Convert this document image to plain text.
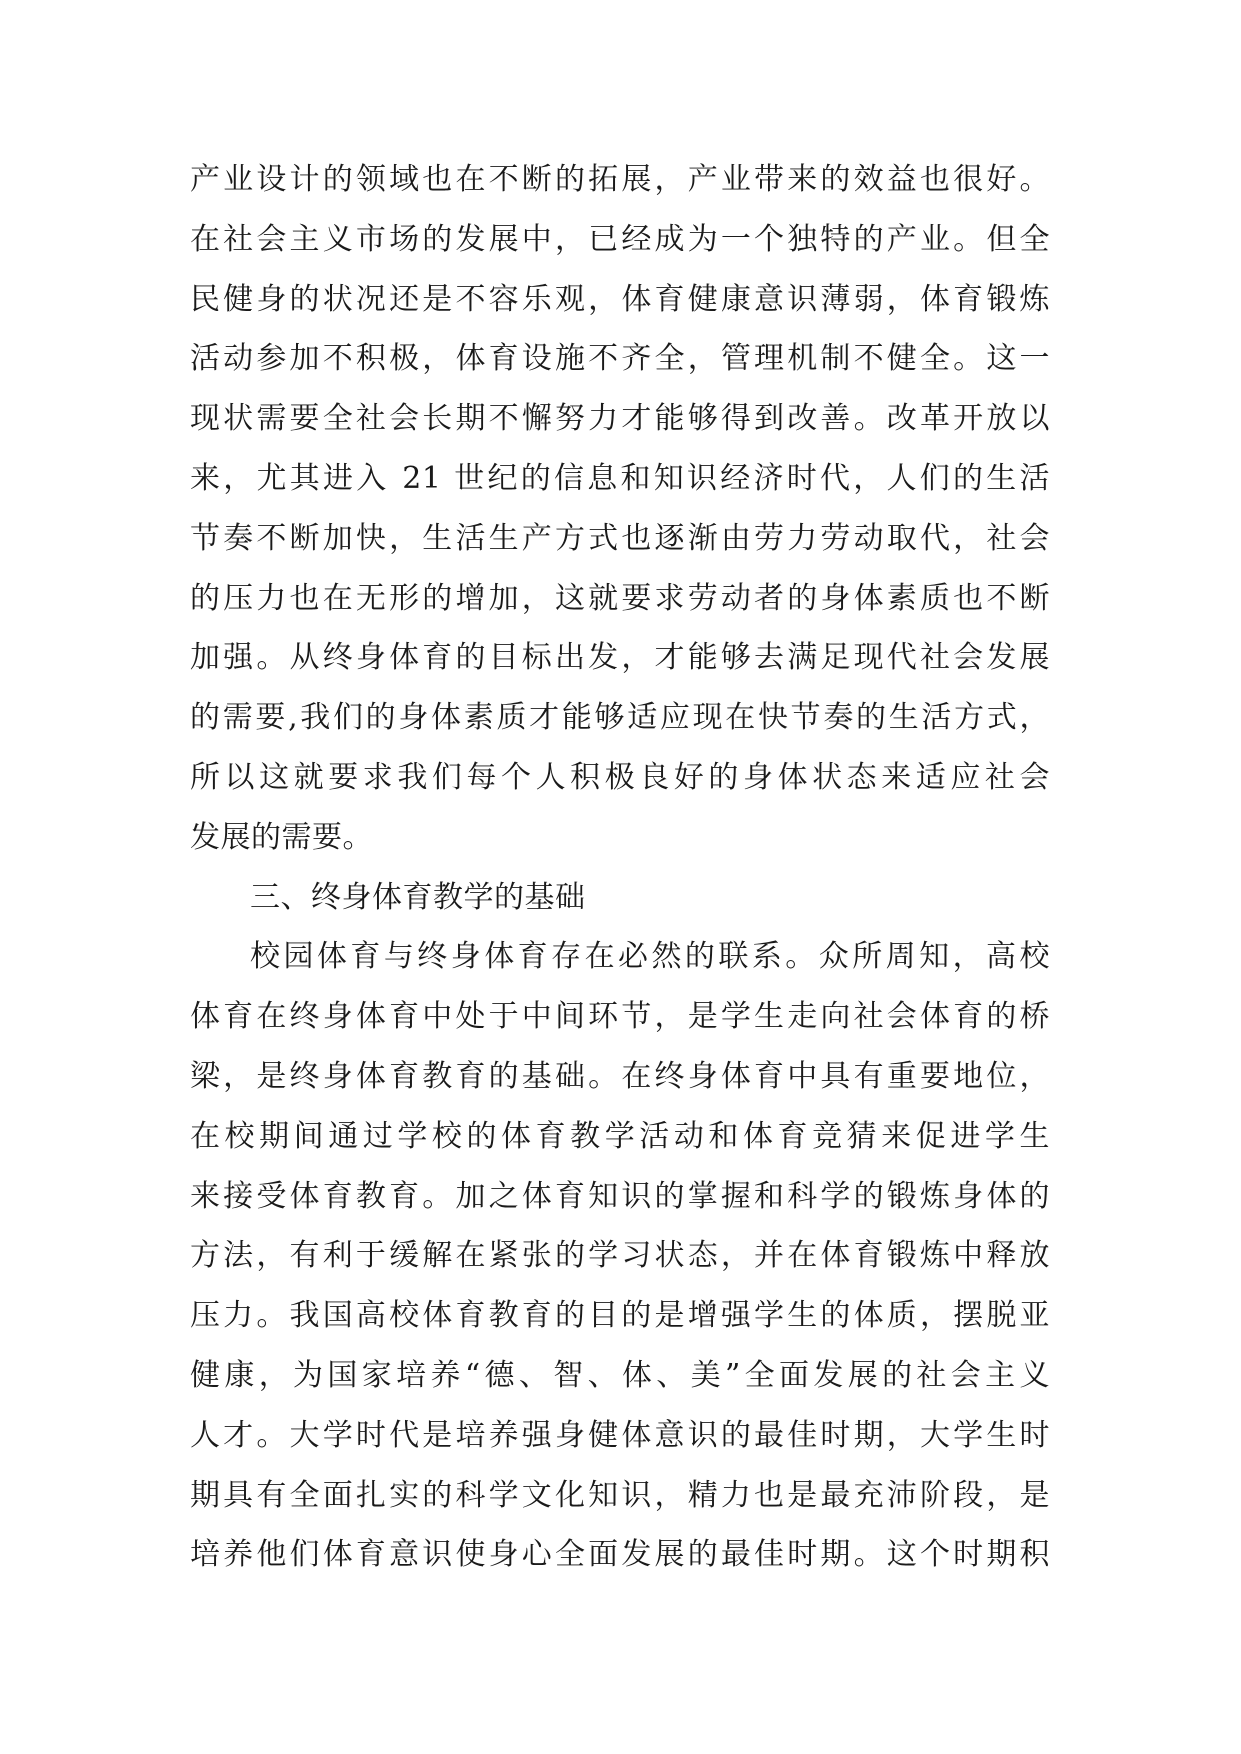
产业设计的领域也在不断的拓展，产业带来的效益也很好。
在社会主义市场的发展中，已经成为一个独特的产业。但全
民健身的状况还是不容乐观，体育健康意识薄弱，体育锻炼
活动参加不积极，体育设施不齐全，管理机制不健全。这一
现状需要全社会长期不懈努力才能够得到改善。改革开放以
来，尤其进入 21 世纪的信息和知识经济时代，人们的生活
节奏不断加快，生活生产方式也逐渐由劳力劳动取代，社会
的压力也在无形的增加，这就要求劳动者的身体素质也不断
加强。从终身体育的目标出发，才能够去满足现代社会发展
的需要,我们的身体素质才能够适应现在快节奏的生活方式，
所以这就要求我们每个人积极良好的身体状态来适应社会
发展的需要。
三、终身体育教学的基础
校园体育与终身体育存在必然的联系。众所周知，高校
体育在终身体育中处于中间环节，是学生走向社会体育的桥
梁，是终身体育教育的基础。在终身体育中具有重要地位，
在校期间通过学校的体育教学活动和体育竞猜来促进学生
来接受体育教育。加之体育知识的掌握和科学的锻炼身体的
方法，有利于缓解在紧张的学习状态，并在体育锻炼中释放
压力。我国高校体育教育的目的是增强学生的体质，摆脱亚
健康，为国家培养“德、智、体、美”全面发展的社会主义
人才。大学时代是培养强身健体意识的最佳时期，大学生时
期具有全面扎实的科学文化知识，精力也是最充沛阶段，是
培养他们体育意识使身心全面发展的最佳时期。这个时期积
